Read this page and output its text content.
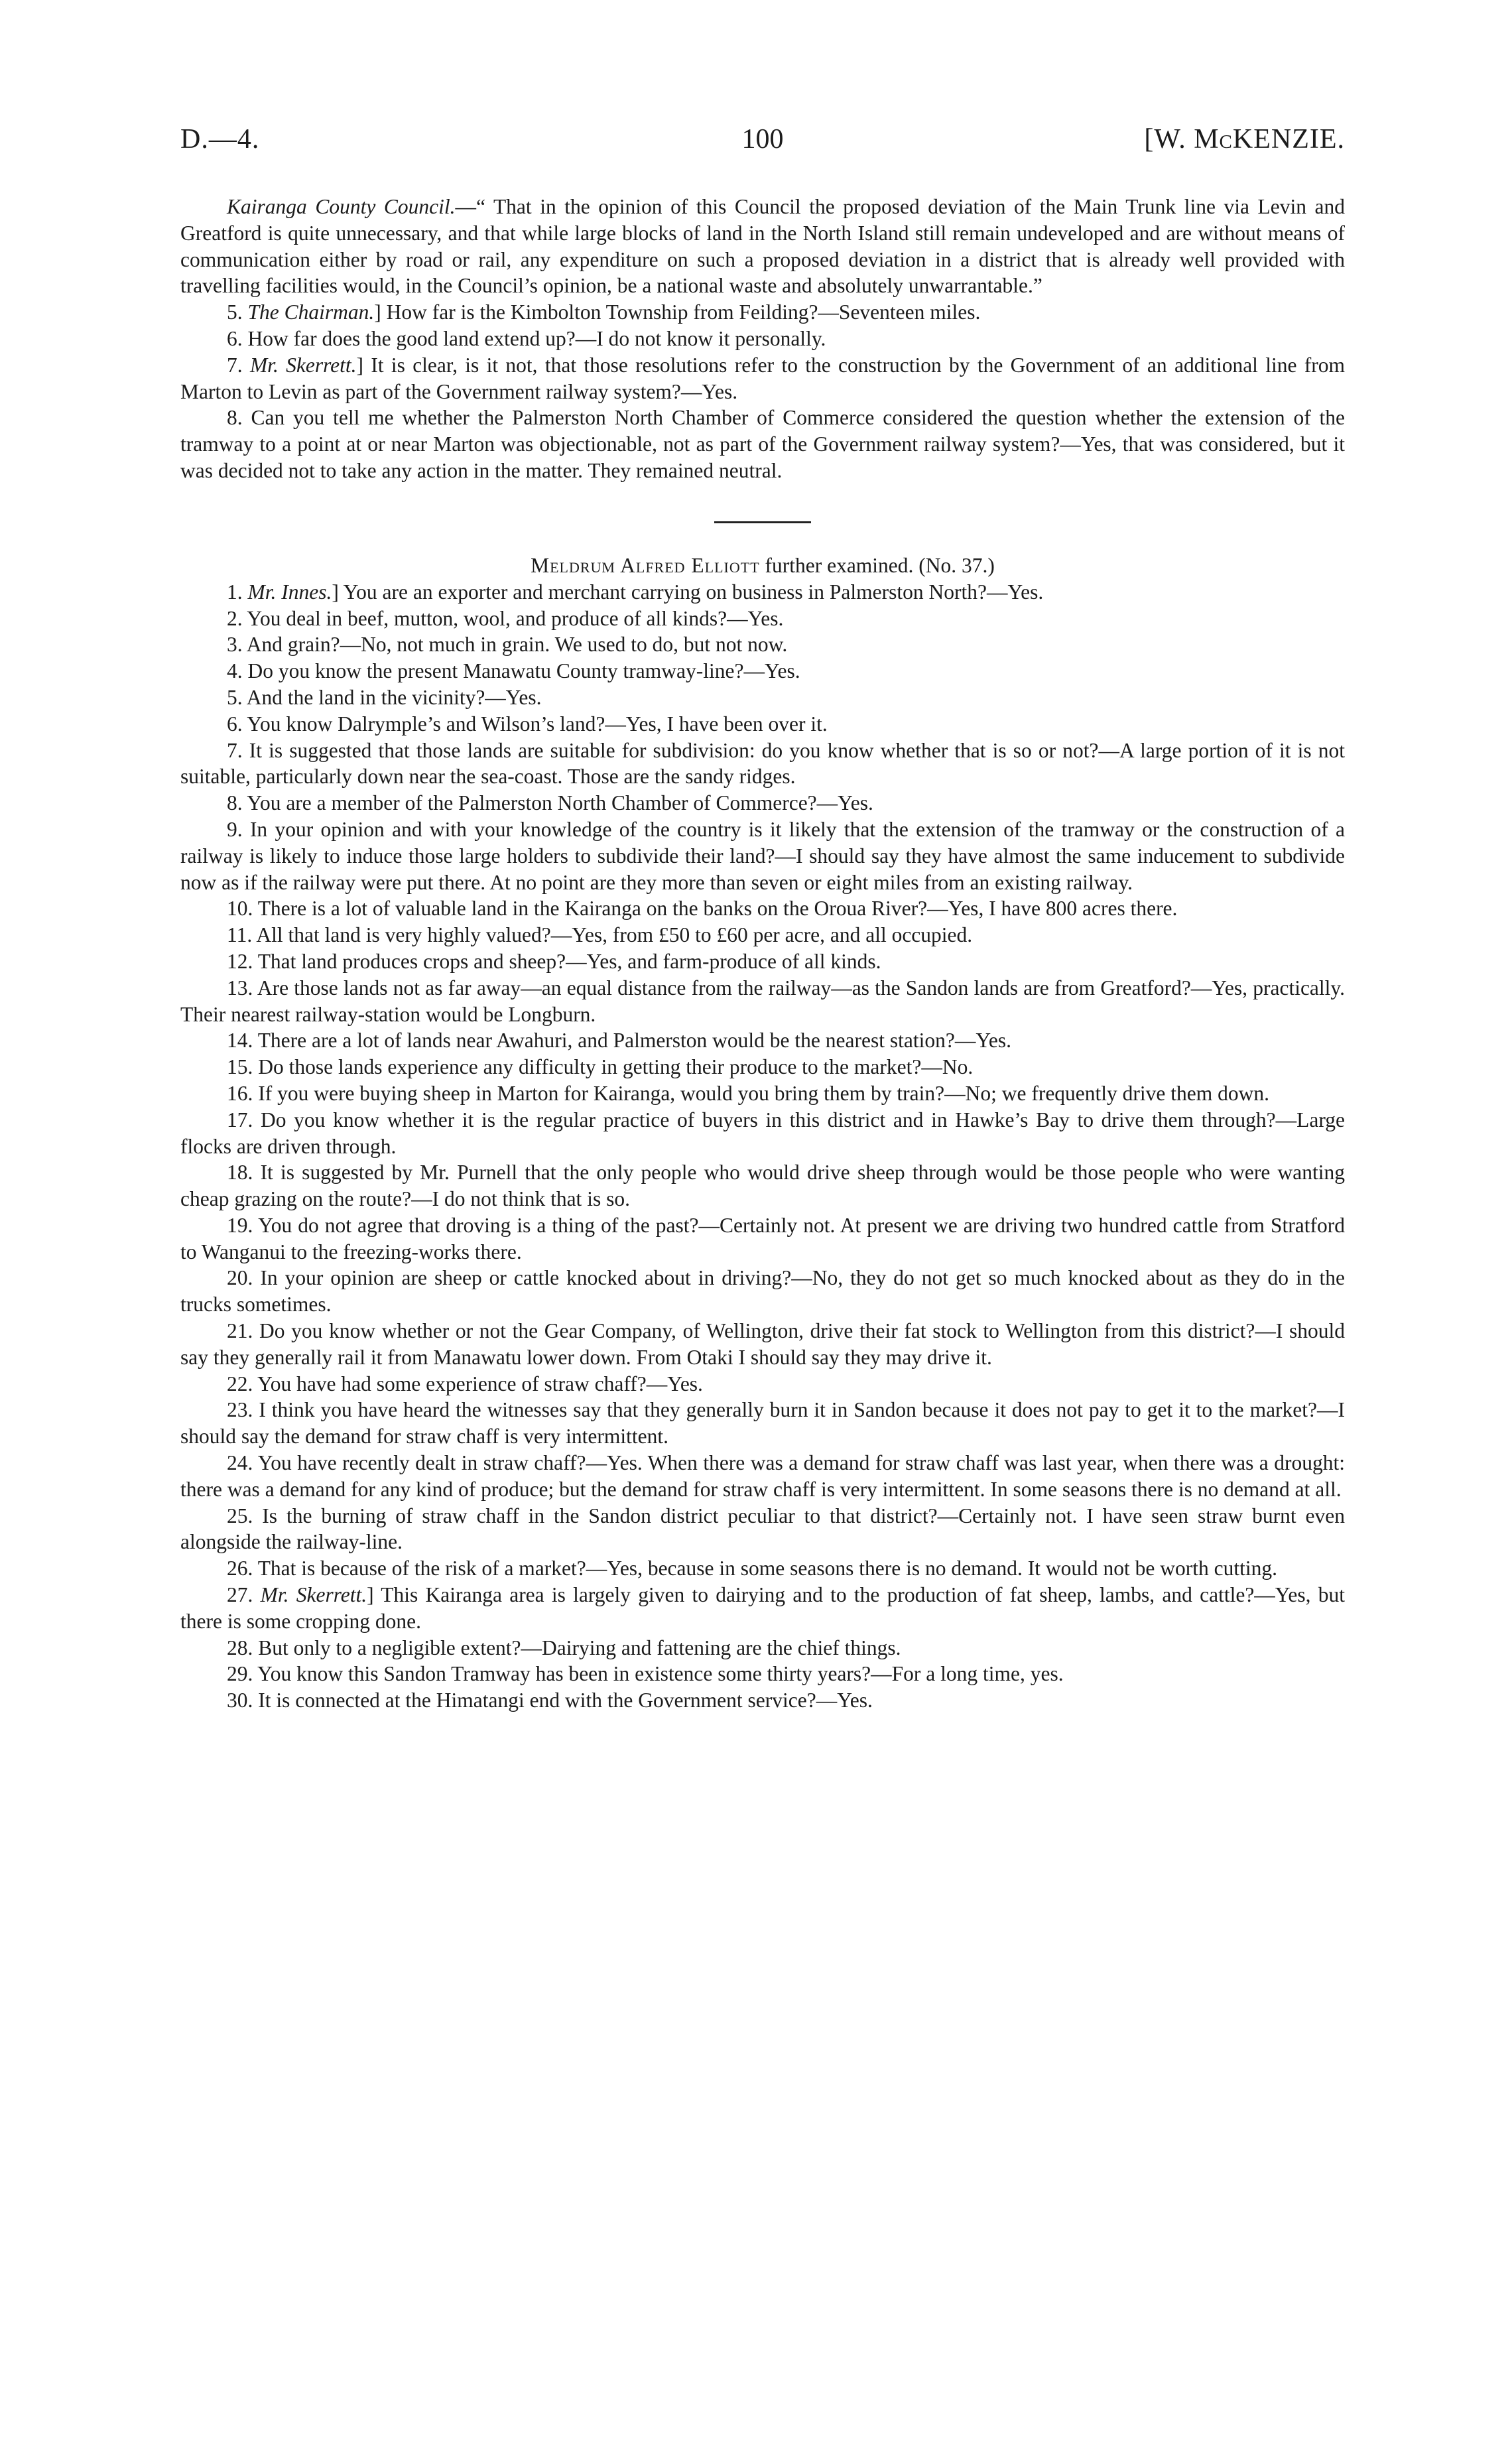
D.—4.	100	[W. McKENZIE.

Kairanga County Council.—“ That in the opinion of this Council the proposed deviation of the Main Trunk line via Levin and Greatford is quite unnecessary, and that while large blocks of land in the North Island still remain undeveloped and are without means of communication either by road or rail, any expenditure on such a proposed deviation in a district that is already well provided with travelling facilities would, in the Council’s opinion, be a national waste and absolutely unwarrantable.”

5. The Chairman.] How far is the Kimbolton Township from Feilding?—Seventeen miles.

6. How far does the good land extend up?—I do not know it personally.

7. Mr. Skerrett.] It is clear, is it not, that those resolutions refer to the construction by the Government of an additional line from Marton to Levin as part of the Government railway system?—Yes.

8. Can you tell me whether the Palmerston North Chamber of Commerce considered the question whether the extension of the tramway to a point at or near Marton was objectionable, not as part of the Government railway system?—Yes, that was considered, but it was decided not to take any action in the matter. They remained neutral.

Meldrum Alfred Elliott further examined. (No. 37.)

1. Mr. Innes.] You are an exporter and merchant carrying on business in Palmerston North?—Yes.

2. You deal in beef, mutton, wool, and produce of all kinds?—Yes.

3. And grain?—No, not much in grain. We used to do, but not now.

4. Do you know the present Manawatu County tramway-line?—Yes.

5. And the land in the vicinity?—Yes.

6. You know Dalrymple’s and Wilson’s land?—Yes, I have been over it.

7. It is suggested that those lands are suitable for subdivision: do you know whether that is so or not?—A large portion of it is not suitable, particularly down near the sea-coast. Those are the sandy ridges.

8. You are a member of the Palmerston North Chamber of Commerce?—Yes.

9. In your opinion and with your knowledge of the country is it likely that the extension of the tramway or the construction of a railway is likely to induce those large holders to subdivide their land?—I should say they have almost the same inducement to subdivide now as if the railway were put there. At no point are they more than seven or eight miles from an existing railway.

10. There is a lot of valuable land in the Kairanga on the banks on the Oroua River?—Yes, I have 800 acres there.

11. All that land is very highly valued?—Yes, from £50 to £60 per acre, and all occupied.

12. That land produces crops and sheep?—Yes, and farm-produce of all kinds.

13. Are those lands not as far away—an equal distance from the railway—as the Sandon lands are from Greatford?—Yes, practically. Their nearest railway-station would be Longburn.

14. There are a lot of lands near Awahuri, and Palmerston would be the nearest station?—Yes.

15. Do those lands experience any difficulty in getting their produce to the market?—No.

16. If you were buying sheep in Marton for Kairanga, would you bring them by train?—No; we frequently drive them down.

17. Do you know whether it is the regular practice of buyers in this district and in Hawke’s Bay to drive them through?—Large flocks are driven through.

18. It is suggested by Mr. Purnell that the only people who would drive sheep through would be those people who were wanting cheap grazing on the route?—I do not think that is so.

19. You do not agree that droving is a thing of the past?—Certainly not. At present we are driving two hundred cattle from Stratford to Wanganui to the freezing-works there.

20. In your opinion are sheep or cattle knocked about in driving?—No, they do not get so much knocked about as they do in the trucks sometimes.

21. Do you know whether or not the Gear Company, of Wellington, drive their fat stock to Wellington from this district?—I should say they generally rail it from Manawatu lower down. From Otaki I should say they may drive it.

22. You have had some experience of straw chaff?—Yes.

23. I think you have heard the witnesses say that they generally burn it in Sandon because it does not pay to get it to the market?—I should say the demand for straw chaff is very intermittent.

24. You have recently dealt in straw chaff?—Yes. When there was a demand for straw chaff was last year, when there was a drought: there was a demand for any kind of produce; but the demand for straw chaff is very intermittent. In some seasons there is no demand at all.

25. Is the burning of straw chaff in the Sandon district peculiar to that district?—Certainly not. I have seen straw burnt even alongside the railway-line.

26. That is because of the risk of a market?—Yes, because in some seasons there is no demand. It would not be worth cutting.

27. Mr. Skerrett.] This Kairanga area is largely given to dairying and to the production of fat sheep, lambs, and cattle?—Yes, but there is some cropping done.

28. But only to a negligible extent?—Dairying and fattening are the chief things.

29. You know this Sandon Tramway has been in existence some thirty years?—For a long time, yes.

30. It is connected at the Himatangi end with the Government service?—Yes.
